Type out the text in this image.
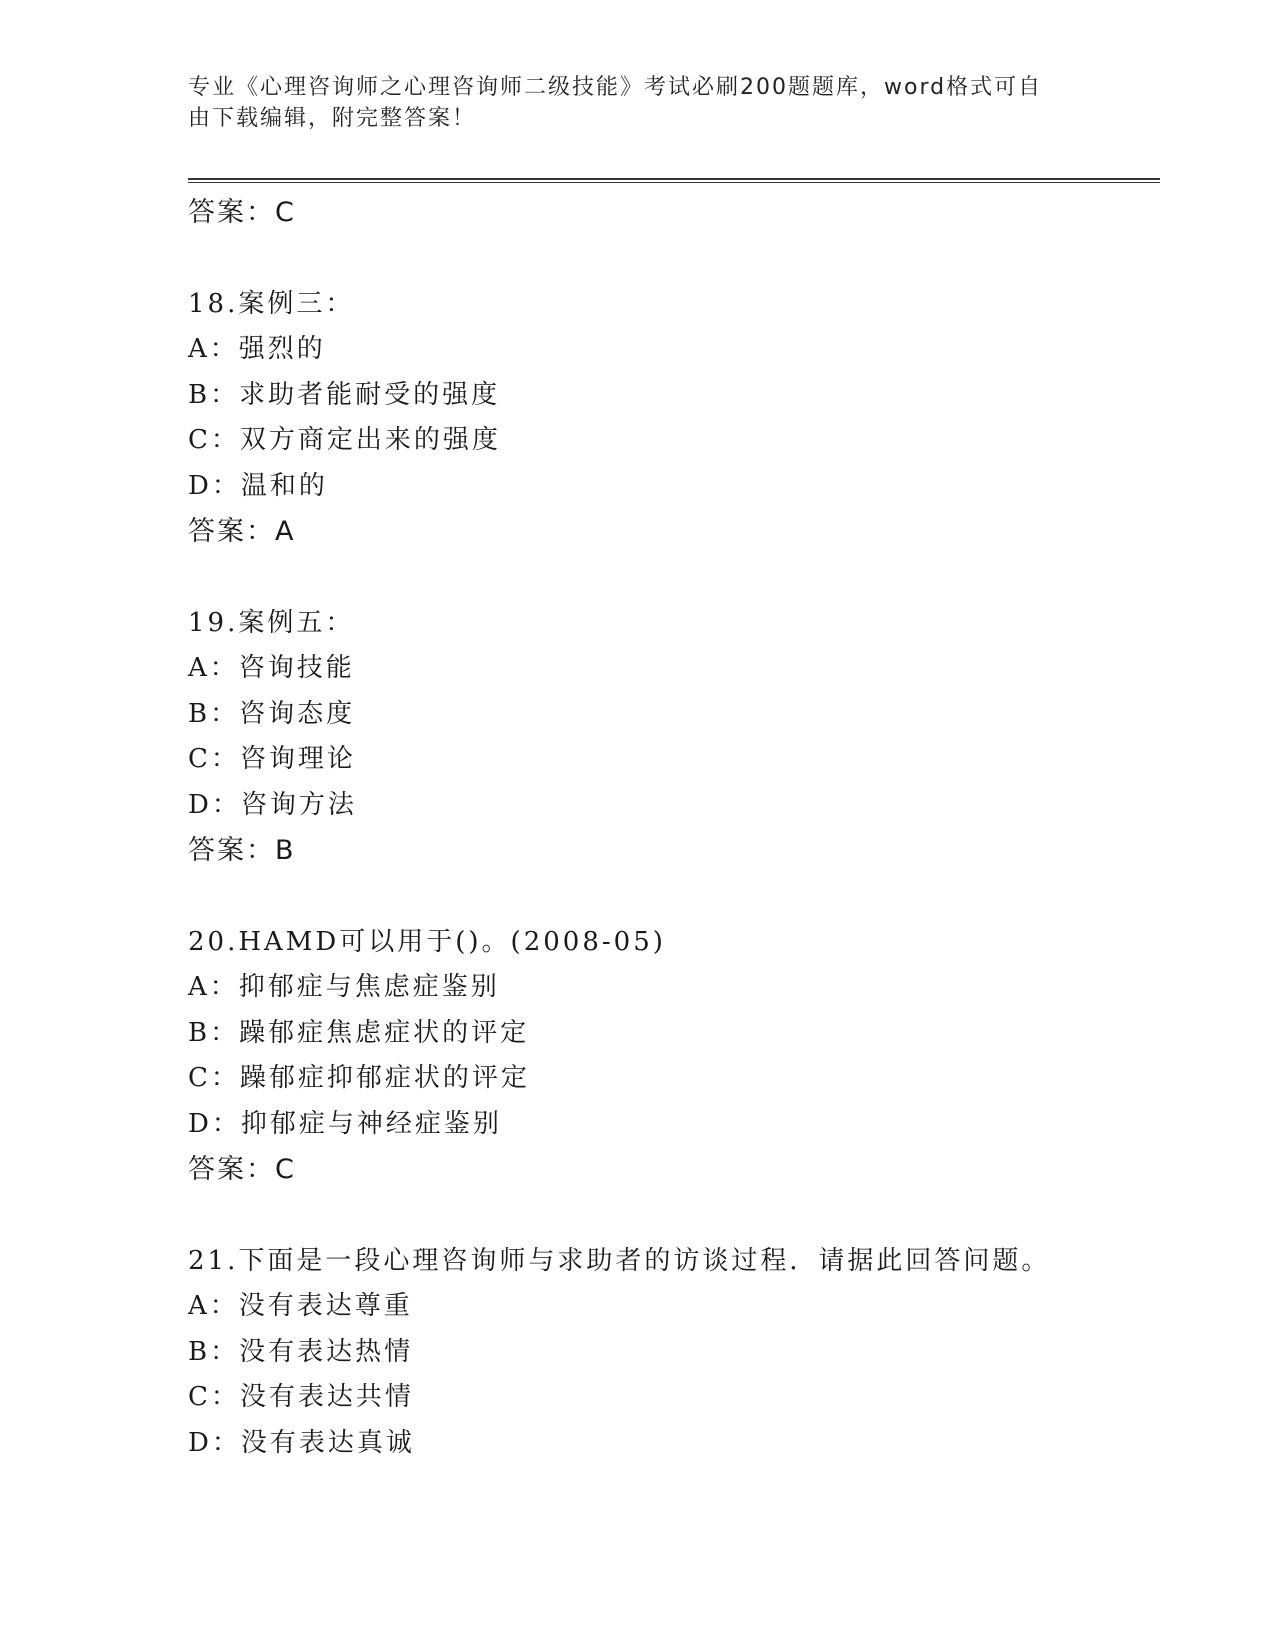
专业《心理咨询师之心理咨询师二级技能》考试必刷200题题库，word格式可自
由下载编辑，附完整答案！
答案：C
18.案例三：
A：强烈的
B：求助者能耐受的强度
C：双方商定出来的强度
D：温和的
答案：A
19.案例五：
A：咨询技能
B：咨询态度
C：咨询理论
D：咨询方法
答案：B
20.HAMD可以用于()。(2008-05)
A：抑郁症与焦虑症鉴别
B：躁郁症焦虑症状的评定
C：躁郁症抑郁症状的评定
D：抑郁症与神经症鉴别
答案：C
21.下面是一段心理咨询师与求助者的访谈过程．请据此回答问题。
A：没有表达尊重
B：没有表达热情
C：没有表达共情
D：没有表达真诚
